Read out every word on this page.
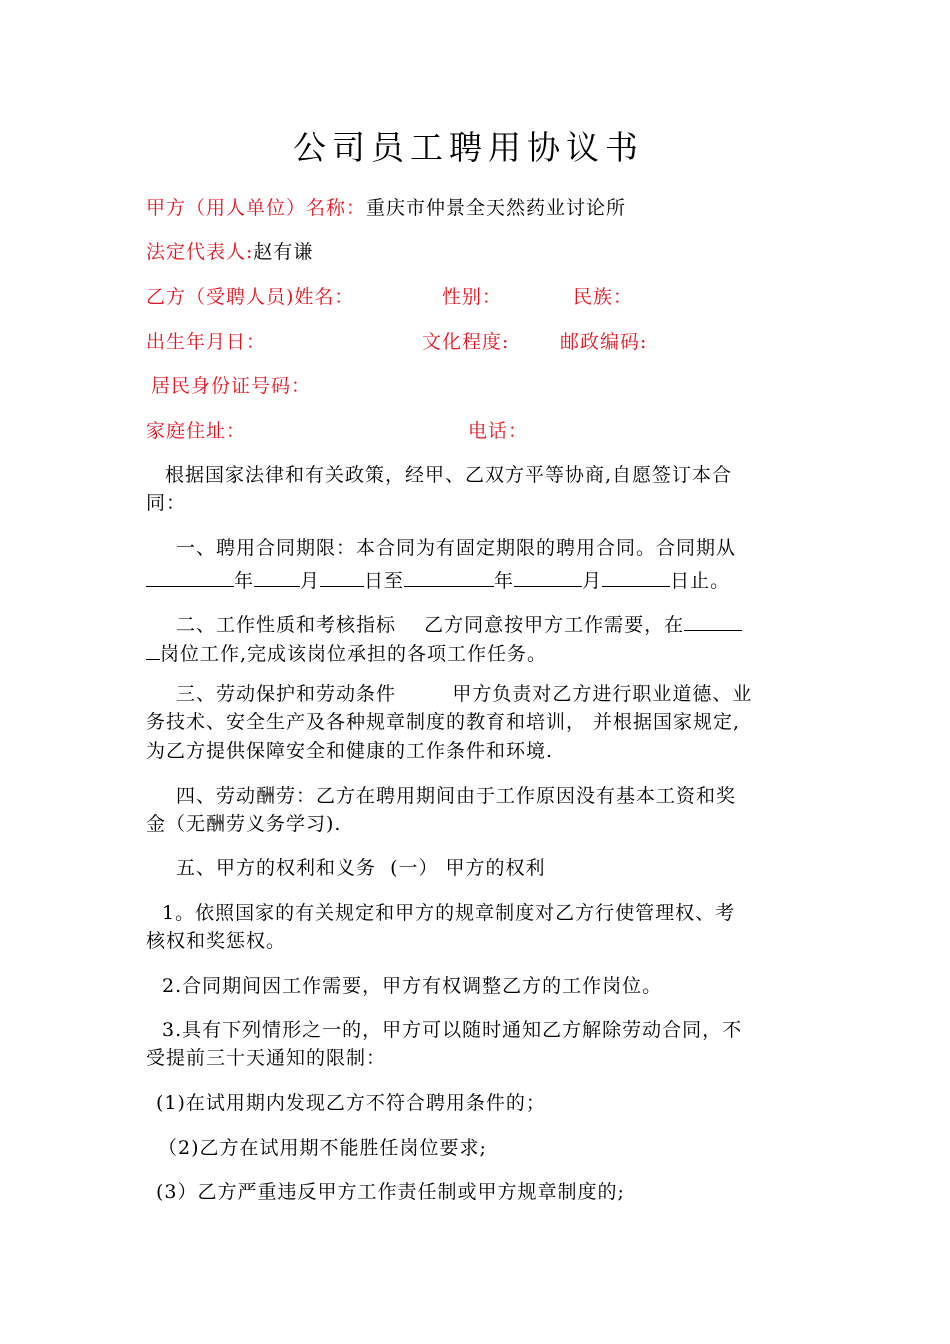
公司员工聘用协议书
甲方（用人单位）名称：重庆市仲景全天然药业讨论所
法定代表人:赵有谦
乙方（受聘人员)姓名：	性别：	民族：
出生年月日：	文化程度:	邮政编码:
居民身份证号码：
家庭住址：	电话：
根据国家法律和有关政策，经甲、乙双方平等协商,自愿签订本合
同：
一、聘用合同期限：本合同为有固定期限的聘用合同。合同期从
年 月 日至	年	月	日止。
二、工作性质和考核指标    乙方同意按甲方工作需要，在
岗位工作,完成该岗位承担的各项工作任务。
三、劳动保护和劳动条件        甲方负责对乙方进行职业道德、业
务技术、安全生产及各种规章制度的教育和培训， 并根据国家规定,
为乙方提供保障安全和健康的工作条件和环境.
四、劳动酬劳：乙方在聘用期间由于工作原因没有基本工资和奖
金（无酬劳义务学习).
五、甲方的权利和义务  (一） 甲方的权利
1。依照国家的有关规定和甲方的规章制度对乙方行使管理权、考
核权和奖惩权。
2.合同期间因工作需要，甲方有权调整乙方的工作岗位。
3.具有下列情形之一的，甲方可以随时通知乙方解除劳动合同，不
受提前三十天通知的限制：
(1)在试用期内发现乙方不符合聘用条件的；
（2)乙方在试用期不能胜任岗位要求;
(3）乙方严重违反甲方工作责任制或甲方规章制度的;
